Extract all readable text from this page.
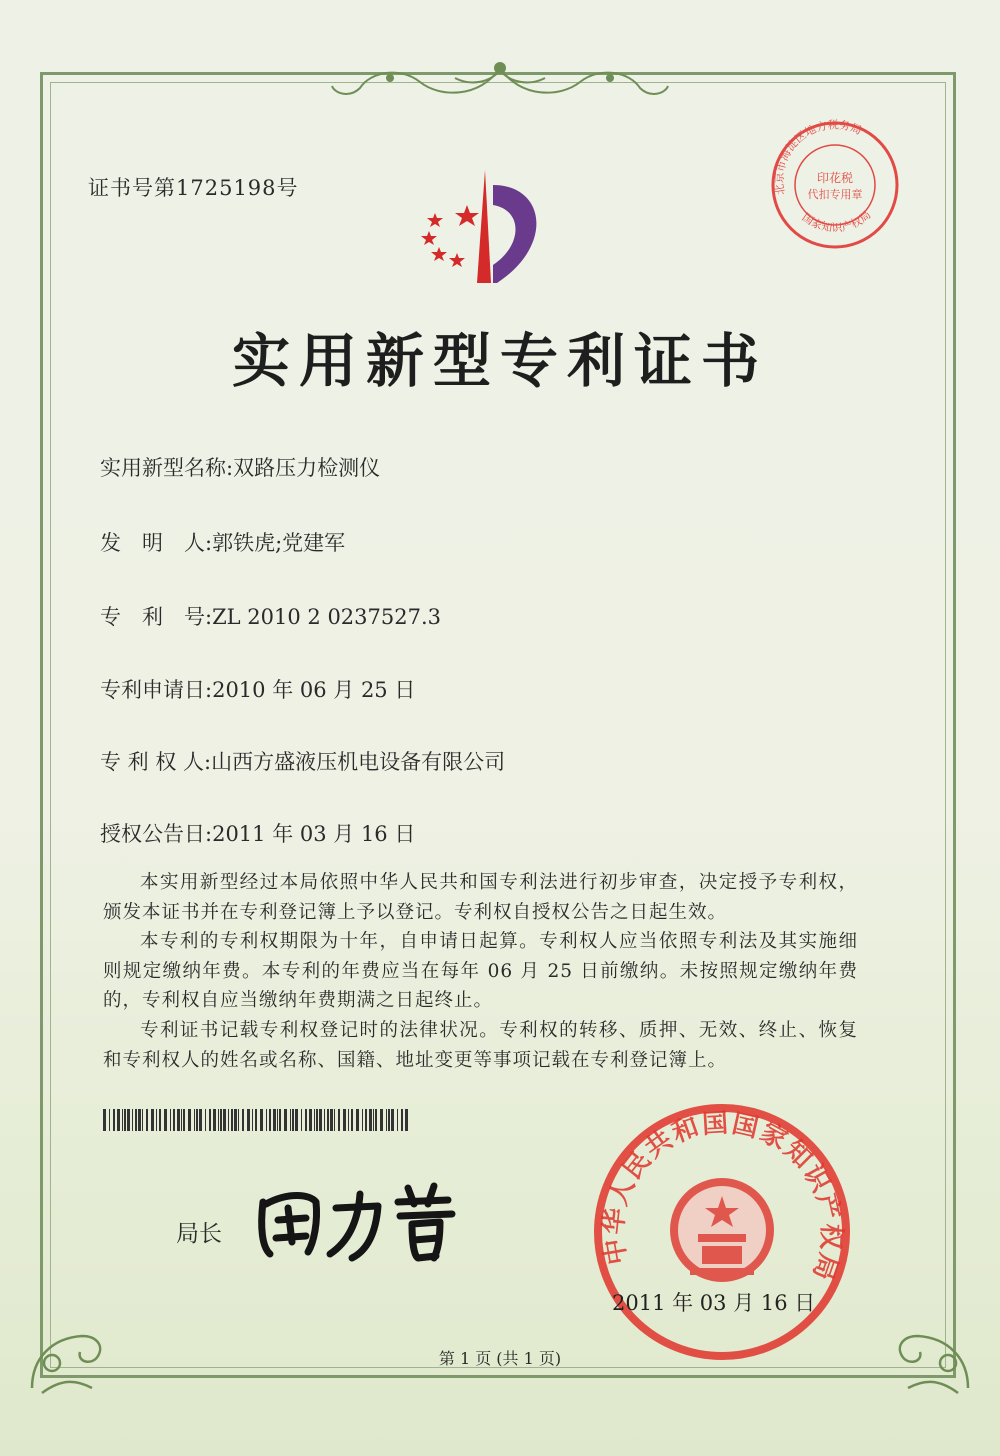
证书号第1725198号
实用新型专利证书
实用新型名称:双路压力检测仪
发　明　人:郭铁虎;党建军
专　利　号:ZL 2010 2 0237527.3
专利申请日:2010 年 06 月 25 日
专 利 权 人:山西方盛液压机电设备有限公司
授权公告日:2011 年 03 月 16 日

本实用新型经过本局依照中华人民共和国专利法进行初步审查，决定授予专利权，颁发本证书并在专利登记簿上予以登记。专利权自授权公告之日起生效。

本专利的专利权期限为十年，自申请日起算。专利权人应当依照专利法及其实施细则规定缴纳年费。本专利的年费应当在每年 06 月 25 日前缴纳。未按照规定缴纳年费的，专利权自应当缴纳年费期满之日起终止。

专利证书记载专利权登记时的法律状况。专利权的转移、质押、无效、终止、恢复和专利权人的姓名或名称、国籍、地址变更等事项记载在专利登记簿上。

局长
中华人民共和国国家知识产权局
2011 年 03 月 16 日
北京市海淀区地方税务局
国家知识产权局
印花税
代扣专用章
第 1 页 (共 1 页)
